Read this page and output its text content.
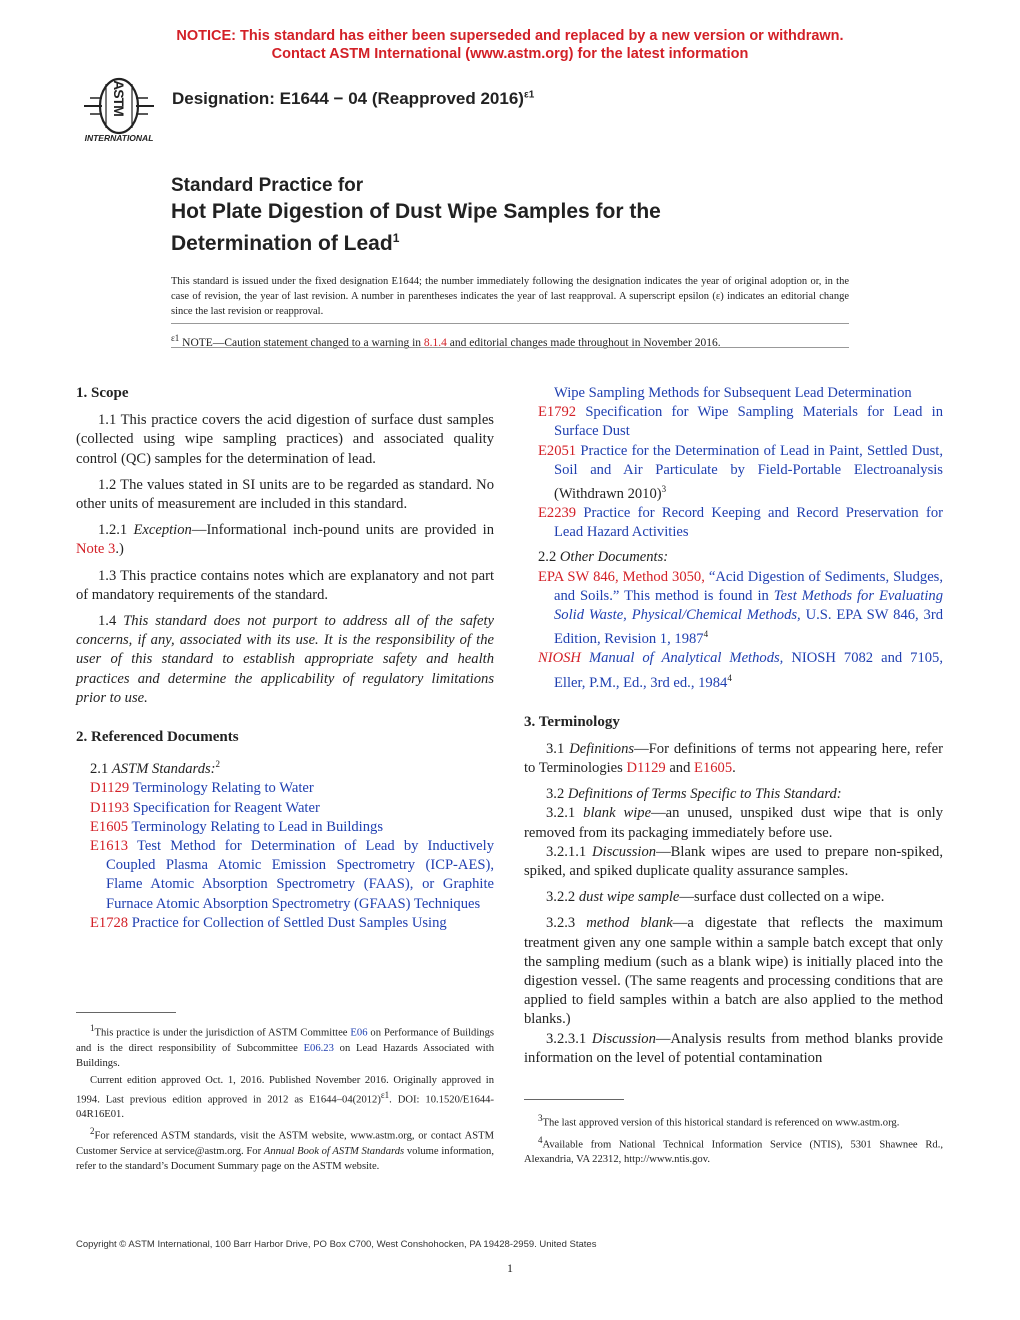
NOTICE: This standard has either been superseded and replaced by a new version or withdrawn.
Contact ASTM International (www.astm.org) for the latest information
ASTM
INTERNATIONAL
Designation: E1644 − 04 (Reapproved 2016)$^{\varepsilon 1}$
Standard Practice for
Hot Plate Digestion of Dust Wipe Samples for the
Determination of Lead$^1$
This standard is issued under the fixed designation E1644; the number immediately following the designation indicates the year of original adoption or, in the case of revision, the year of last revision. A number in parentheses indicates the year of last reapproval. A superscript epsilon (ε) indicates an editorial change since the last revision or reapproval.
$^{\varepsilon 1}$ NOTE—Caution statement changed to a warning in 8.1.4 and editorial changes made throughout in November 2016.
1. Scope

1.1 This practice covers the acid digestion of surface dust samples (collected using wipe sampling practices) and associated quality control (QC) samples for the determination of lead.

1.2 The values stated in SI units are to be regarded as standard. No other units of measurement are included in this standard.

1.2.1 Exception—Informational inch-pound units are provided in Note 3.)

1.3 This practice contains notes which are explanatory and not part of mandatory requirements of the standard.

1.4 This standard does not purport to address all of the safety concerns, if any, associated with its use. It is the responsibility of the user of this standard to establish appropriate safety and health practices and determine the applicability of regulatory limitations prior to use.

2. Referenced Documents

2.1 ASTM Standards:$^2$

D1129 Terminology Relating to Water

D1193 Specification for Reagent Water

E1605 Terminology Relating to Lead in Buildings

E1613 Test Method for Determination of Lead by Inductively Coupled Plasma Atomic Emission Spectrometry (ICP-AES), Flame Atomic Absorption Spectrometry (FAAS), or Graphite Furnace Atomic Absorption Spectrometry (GFAAS) Techniques

E1728 Practice for Collection of Settled Dust Samples Using

Wipe Sampling Methods for Subsequent Lead Determination

E1792 Specification for Wipe Sampling Materials for Lead in Surface Dust

E2051 Practice for the Determination of Lead in Paint, Settled Dust, Soil and Air Particulate by Field-Portable Electroanalysis (Withdrawn 2010)$^3$

E2239 Practice for Record Keeping and Record Preservation for Lead Hazard Activities

2.2 Other Documents:

EPA SW 846, Method 3050, “Acid Digestion of Sediments, Sludges, and Soils.” This method is found in Test Methods for Evaluating Solid Waste, Physical/Chemical Methods, U.S. EPA SW 846, 3rd Edition, Revision 1, 1987$^4$

NIOSH Manual of Analytical Methods, NIOSH 7082 and 7105, Eller, P.M., Ed., 3rd ed., 1984$^4$

3. Terminology

3.1 Definitions—For definitions of terms not appearing here, refer to Terminologies D1129 and E1605.

3.2 Definitions of Terms Specific to This Standard:

3.2.1 blank wipe—an unused, unspiked dust wipe that is only removed from its packaging immediately before use.

3.2.1.1 Discussion—Blank wipes are used to prepare non-spiked, spiked, and spiked duplicate quality assurance samples.

3.2.2 dust wipe sample—surface dust collected on a wipe.

3.2.3 method blank—a digestate that reflects the maximum treatment given any one sample within a sample batch except that only the sampling medium (such as a blank wipe) is initially placed into the digestion vessel. (The same reagents and processing conditions that are applied to field samples within a batch are also applied to the method blanks.)

3.2.3.1 Discussion—Analysis results from method blanks provide information on the level of potential contamination

$^1$This practice is under the jurisdiction of ASTM Committee E06 on Performance of Buildings and is the direct responsibility of Subcommittee E06.23 on Lead Hazards Associated with Buildings.

Current edition approved Oct. 1, 2016. Published November 2016. Originally approved in 1994. Last previous edition approved in 2012 as $E1644-04(2012)^{\varepsilon 1}$. DOI: 10.1520/E1644-04R16E01.

$^2$For referenced ASTM standards, visit the ASTM website, www.astm.org, or contact ASTM Customer Service at service@astm.org. For Annual Book of ASTM Standards volume information, refer to the standard’s Document Summary page on the ASTM website.

$^3$The last approved version of this historical standard is referenced on www.astm.org.

$^4$Available from National Technical Information Service (NTIS), 5301 Shawnee Rd., Alexandria, VA 22312, http://www.ntis.gov.

Copyright © ASTM International, 100 Barr Harbor Drive, PO Box C700, West Conshohocken, PA 19428-2959. United States
1
